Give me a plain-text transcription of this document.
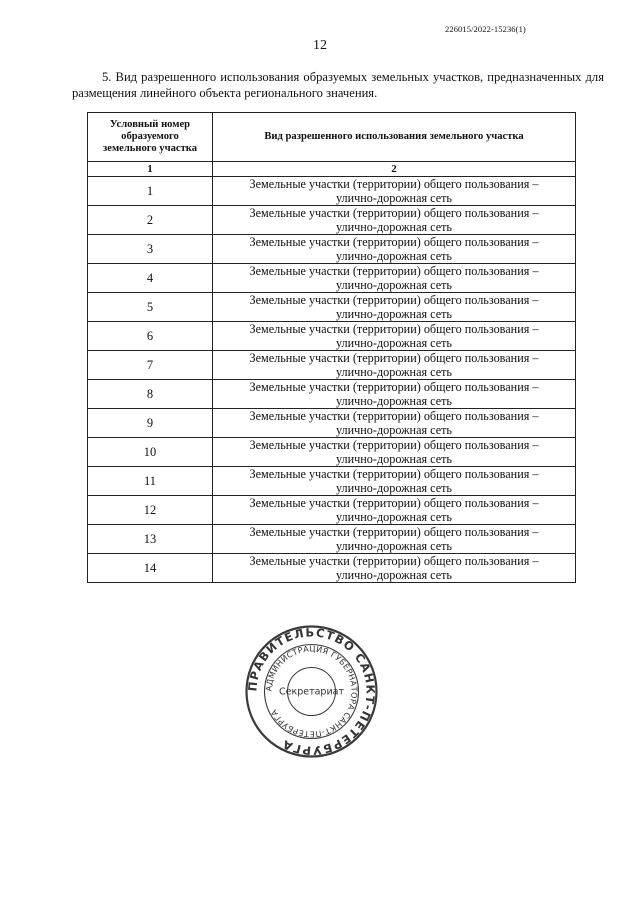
226015/2022-15236(1)
12

5. Вид разрешенного использования образуемых земельных участков, предназначенных для размещения линейного объекта регионального значения.

Условный номер образуемого земельного участка	Вид разрешенного использования земельного участка
1	2
1	Земельные участки (территории) общего пользования –
улично-дорожная сеть

2	Земельные участки (территории) общего пользования –
улично-дорожная сеть

3	Земельные участки (территории) общего пользования –
улично-дорожная сеть

4	Земельные участки (территории) общего пользования –
улично-дорожная сеть

5	Земельные участки (территории) общего пользования –
улично-дорожная сеть

6	Земельные участки (территории) общего пользования –
улично-дорожная сеть

7	Земельные участки (территории) общего пользования –
улично-дорожная сеть

8	Земельные участки (территории) общего пользования –
улично-дорожная сеть

9	Земельные участки (территории) общего пользования –
улично-дорожная сеть

10	Земельные участки (территории) общего пользования –
улично-дорожная сеть

11	Земельные участки (территории) общего пользования –
улично-дорожная сеть

12	Земельные участки (территории) общего пользования –
улично-дорожная сеть

13	Земельные участки (территории) общего пользования –
улично-дорожная сеть

14	Земельные участки (территории) общего пользования –
улично-дорожная сеть
ПРАВИТЕЛЬСТВО САНКТ-ПЕТЕРБУРГА
АДМИНИСТРАЦИЯ ГУБЕРНАТОРА САНКТ-ПЕТЕРБУРГА
Секретариат
